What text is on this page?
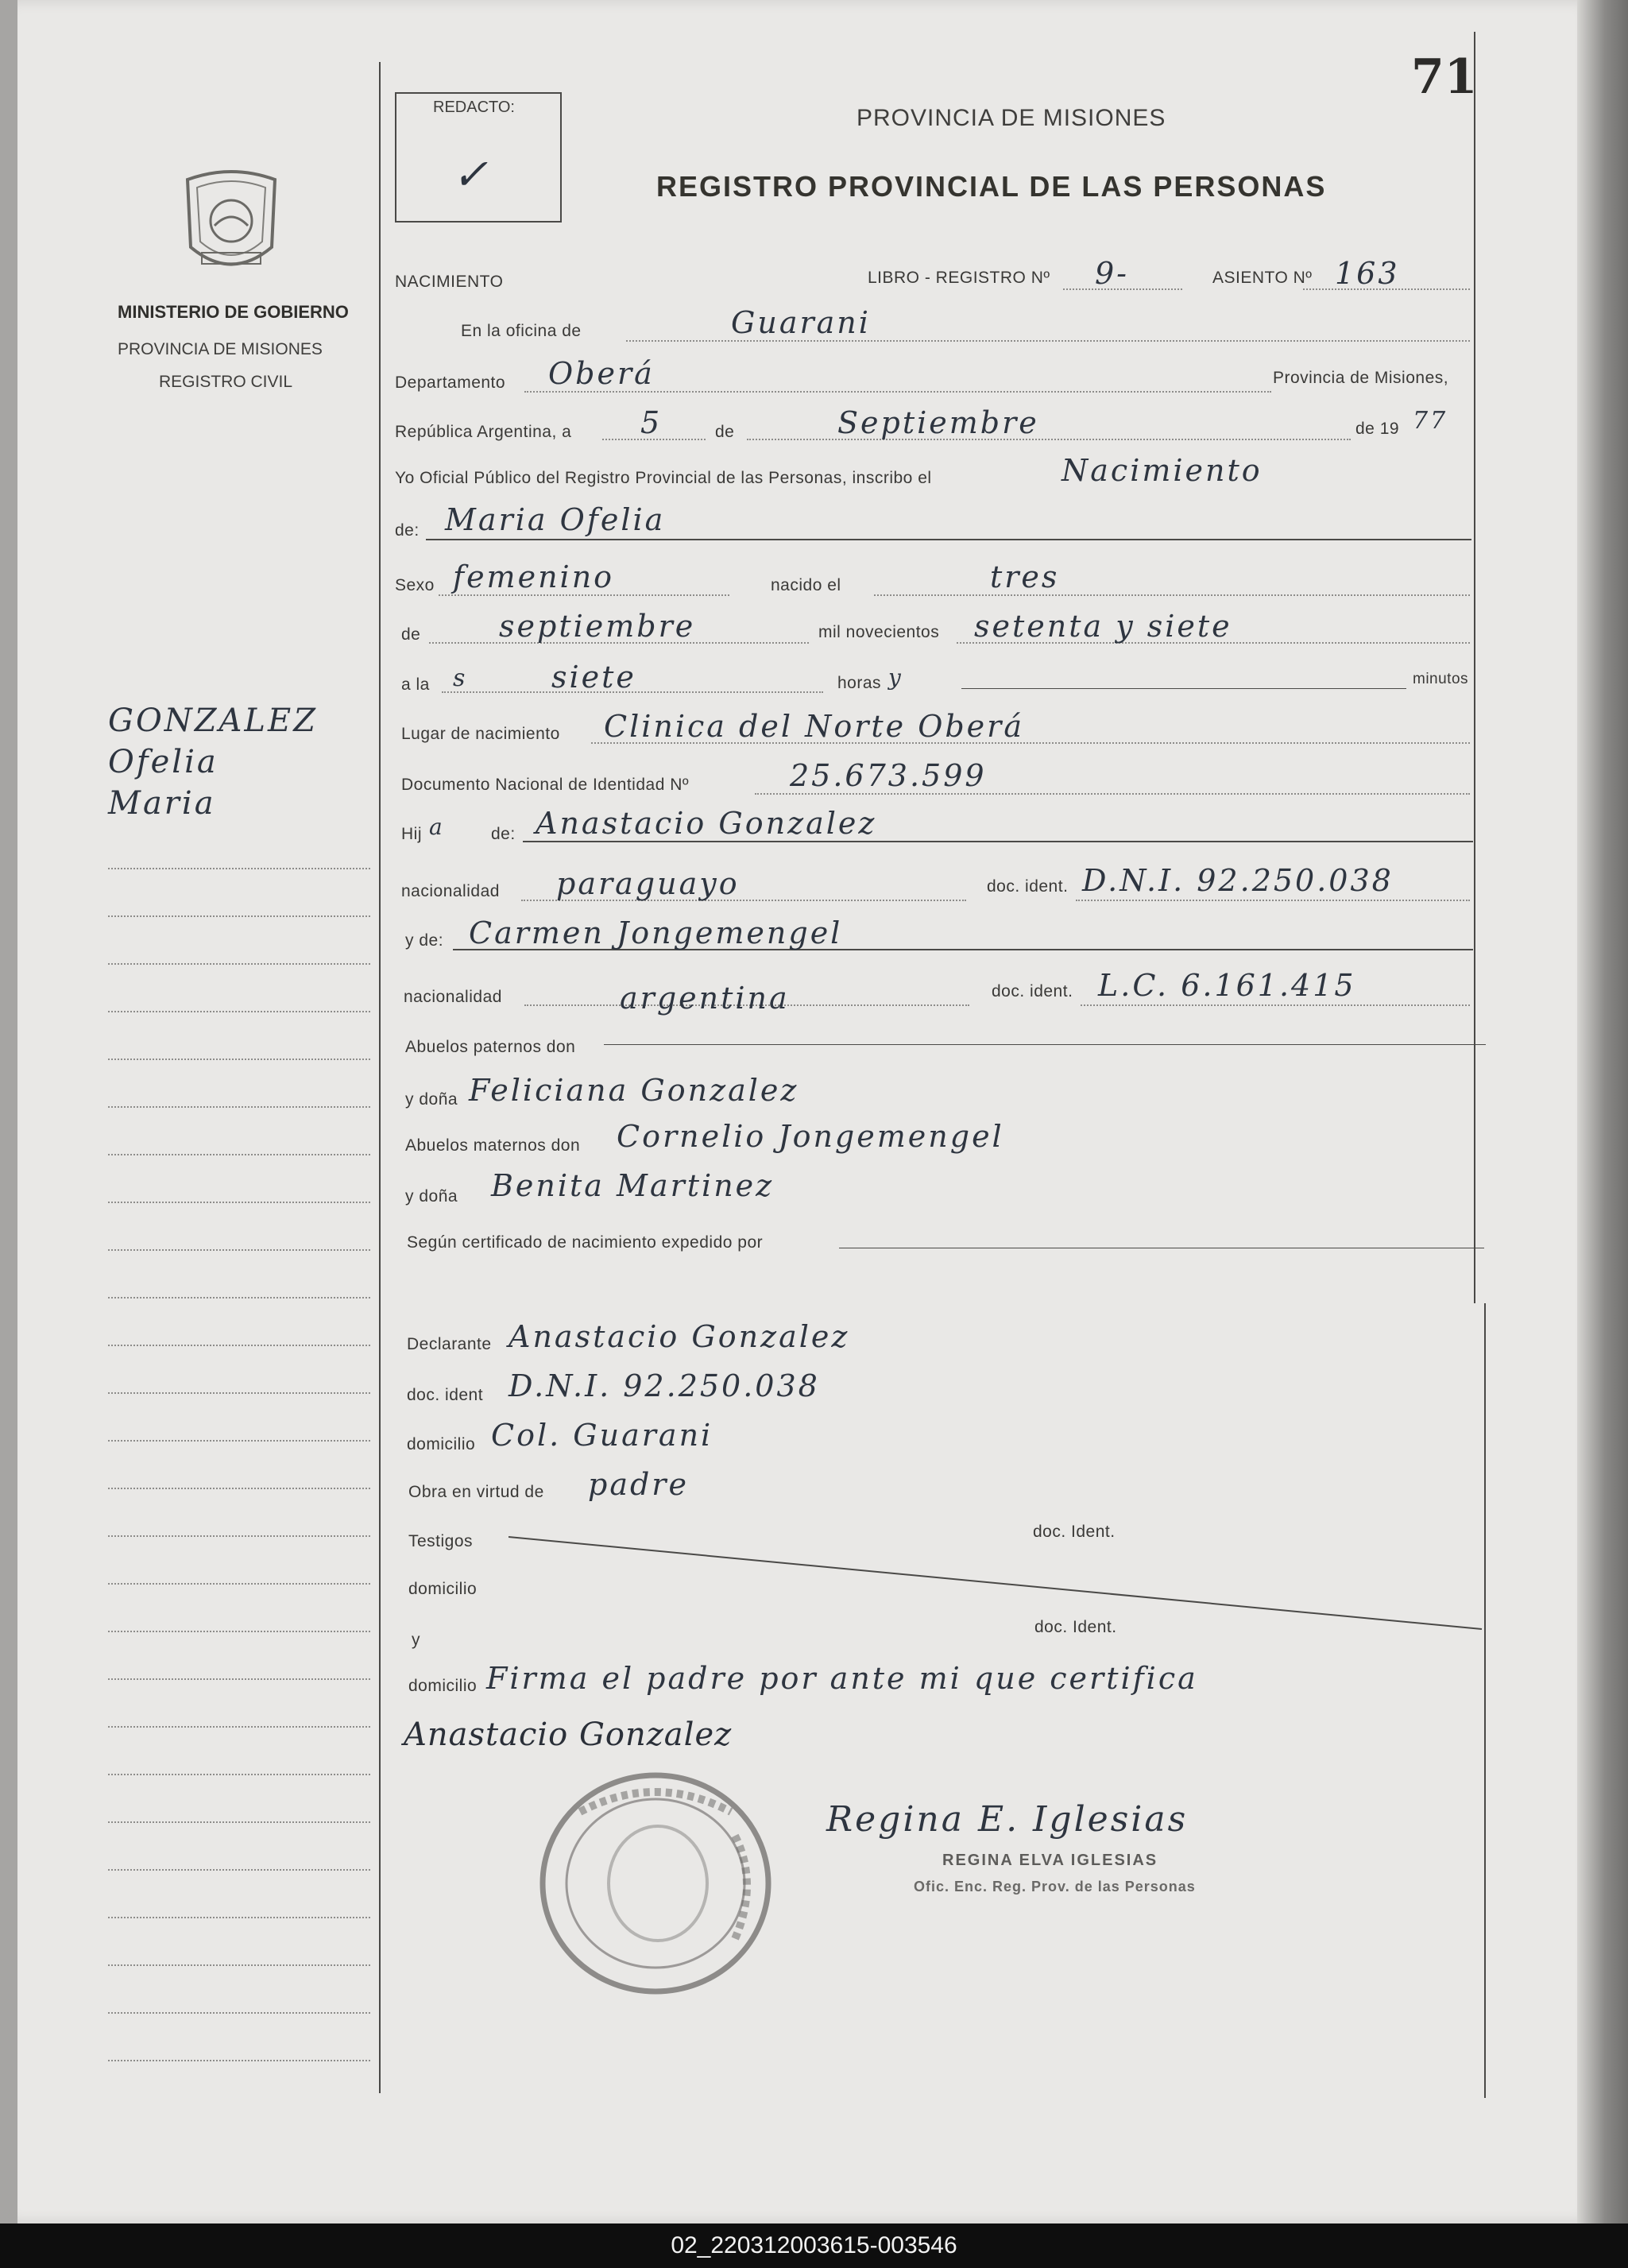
71
REDACTO:
✓
PROVINCIA DE MISIONES
REGISTRO PROVINCIAL DE LAS PERSONAS
MINISTERIO DE GOBIERNO
PROVINCIA DE MISIONES
REGISTRO CIVIL
GONZALEZ
Ofelia
Maria
NACIMIENTO	LIBRO - REGISTRO Nº 9-	ASIENTO Nº 163
En la oficina de	Guarani
Departamento Oberá	Provincia de Misiones,
República Argentina, a 5	de	Septiembre	de 19 77
Yo Oficial Público del Registro Provincial de las Personas, inscribo el	Nacimiento
de: Maria Ofelia
Sexo femenino	nacido el	tres
de	septiembre	mil novecientos setenta y siete
a la s	siete	horas y	minutos
Lugar de nacimiento Clinica del Norte Oberá
Documento Nacional de Identidad Nº	25.673.599
Hij a	de: Anastacio Gonzalez
nacionalidad paraguayo	doc. ident. D.N.I. 92.250.038
y de: Carmen Jongemengel
nacionalidad	argentina	doc. ident. L.C. 6.161.415
Abuelos paternos don
y doña Feliciana Gonzalez
Abuelos maternos don Cornelio Jongemengel
y doña Benita Martinez
Según certificado de nacimiento expedido por
Declarante Anastacio Gonzalez
doc. ident D.N.I. 92.250.038
domicilio Col. Guarani
Obra en virtud de padre
Testigos
doc. Ident.
domicilio
y
doc. Ident.
domicilio Firma el padre por ante mi que certifica
Anastacio Gonzalez
Regina E. Iglesias
REGINA ELVA IGLESIAS
Ofic. Enc. Reg. Prov. de las Personas
02_220312003615-003546
